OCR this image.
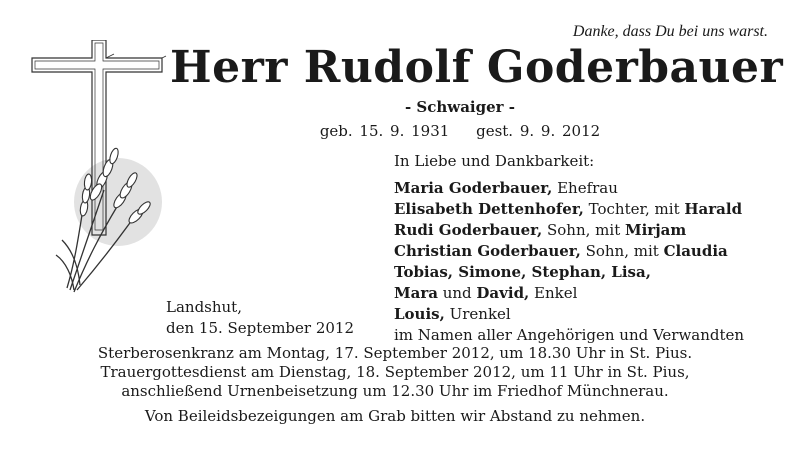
Danke, dass Du bei uns warst.
Herr Rudolf Goderbauer
- Schwaiger -
geb. 15. 9. 1931 gest. 9. 9. 2012
In Liebe und Dankbarkeit:
Maria Goderbauer, Ehefrau
Elisabeth Dettenhofer, Tochter, mit Harald
Rudi Goderbauer, Sohn, mit Mirjam
Christian Goderbauer, Sohn, mit Claudia
Tobias, Simone, Stephan, Lisa,
Mara und David, Enkel
Louis, Urenkel
im Namen aller Angehörigen und Verwandten
Landshut,
den 15. September 2012
Sterberosenkranz am Montag, 17. September 2012, um 18.30 Uhr in St. Pius.
Trauergottesdienst am Dienstag, 18. September 2012, um 11 Uhr in St. Pius,
anschließend Urnenbeisetzung um 12.30 Uhr im Friedhof Münchnerau.
Von Beileidsbezeigungen am Grab bitten wir Abstand zu nehmen.
